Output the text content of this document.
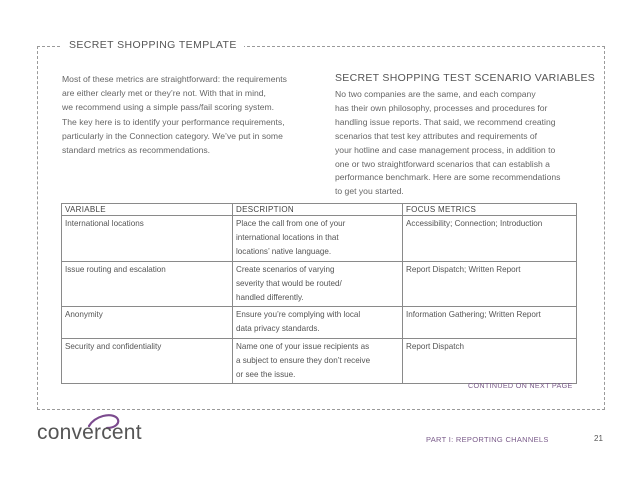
SECRET SHOPPING TEMPLATE
Most of these metrics are straightforward: the requirements
are either clearly met or they’re not. With that in mind,
we recommend using a simple pass/fail scoring system.
The key here is to identify your performance requirements,
particularly in the Connection category. We’ve put in some
standard metrics as recommendations.
SECRET SHOPPING TEST SCENARIO VARIABLES
No two companies are the same, and each company
has their own philosophy, processes and procedures for
handling issue reports. That said, we recommend creating
scenarios that test key attributes and requirements of
your hotline and case management process, in addition to
one or two straightforward scenarios that can establish a
performance benchmark. Here are some recommendations
to get you started.
VARIABLE	DESCRIPTION	FOCUS METRICS
International locations	Place the call from one of your
international locations in that
locations’ native language.	Accessibility; Connection; Introduction
Issue routing and escalation	Create scenarios of varying
severity that would be routed/
handled differently.	Report Dispatch; Written Report
Anonymity	Ensure you’re complying with local
data privacy standards.	Information Gathering; Written Report
Security and confidentiality	Name one of your issue recipients as
a subject to ensure they don’t receive
or see the issue.	Report Dispatch
CONTINUED ON NEXT PAGE
convercent	PART I: REPORTING CHANNELS	21
